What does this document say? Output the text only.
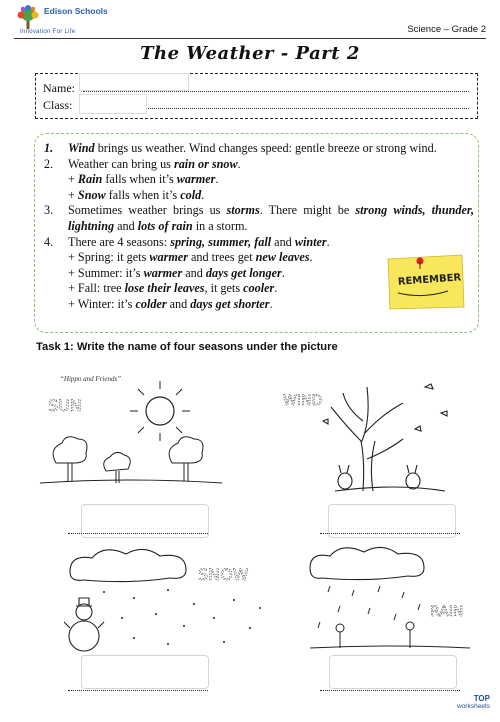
Edison Schools
Innovation For Life	Science – Grade 2
The Weather - Part 2
Name:
Class:
1.	Wind brings us weather. Wind changes speed: gentle breeze or strong wind.
2.	Weather can bring us rain or snow.
+ Rain falls when it’s warmer.
+ Snow falls when it’s cold.
3.	Sometimes weather brings us storms. There might be strong winds, thunder, lightning and lots of rain in a storm.
4.	There are 4 seasons: spring, summer, fall and winter.
+ Spring: it gets warmer and trees get new leaves.
+ Summer: it’s warmer and days get longer.
+ Fall: tree lose their leaves, it gets cooler.
+ Winter: it’s colder and days get shorter.
REMEMBER
Task 1: Write the name of four seasons under the picture
“Hippo and Friends”
SUN	WIND
SNOW
RAIN
TOP
worksheets
